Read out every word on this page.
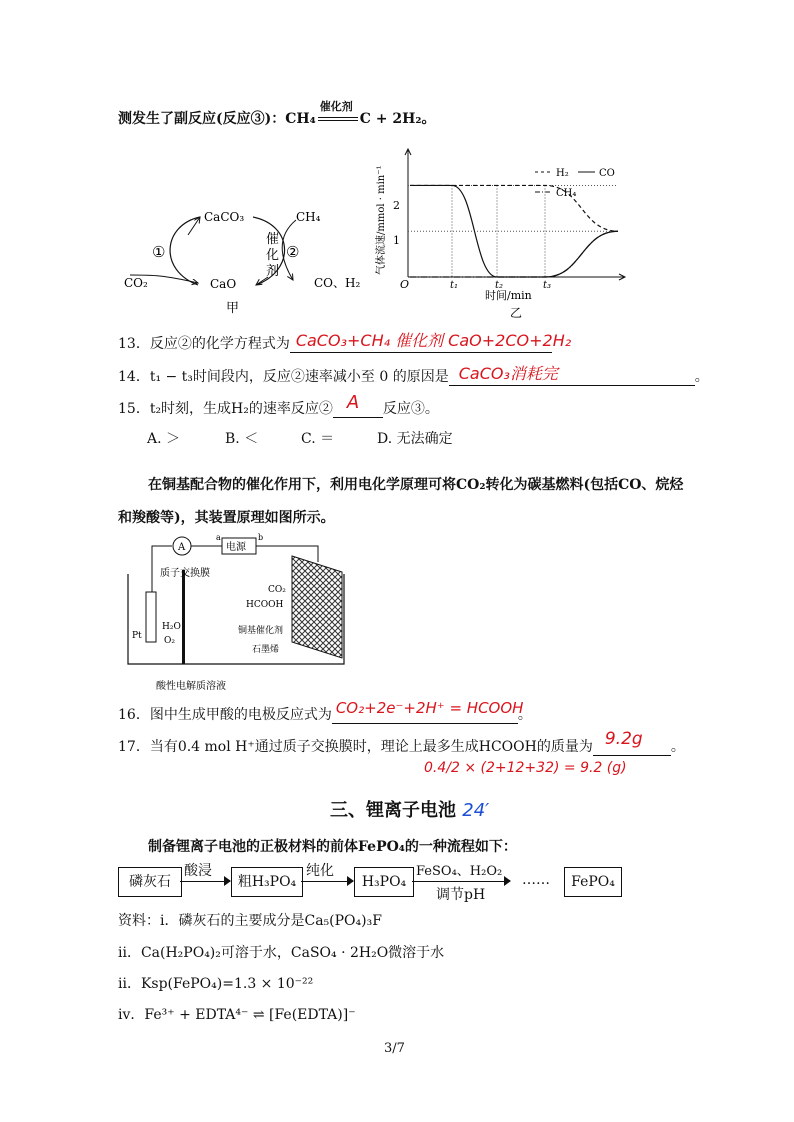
测发生了副反应(反应③)：CH₄
催化剂
C + 2H₂。
CaCO₃
CaO
CO₂
CH₄
CO、H₂
①	②
催
化
剂
甲
2
1
O	t₁	t₂	t₃
时间/min
乙
气体流速/mmol · min⁻¹	H₂	CO
CH₄
13．反应②的化学方程式为 CaCO₃+CH₄ 催化剂 CaO+2CO+2H₂
14．t₁ − t₃时间段内，反应②速率减小至 0 的原因是 CaCO₃消耗完	。
15．t₂时刻，生成H₂的速率反应② A 反应③。
A. ＞	B. ＜	C. ＝	D. 无法确定
在铜基配合物的催化作用下，利用电化学原理可将CO₂转化为碳基燃料(包括CO、烷烃
和羧酸等)，其装置原理如图所示。
A	电源
a	b
质子交换膜
Pt
H₂O
O₂
CO₂
HCOOH
铜基催化剂
石墨烯
酸性电解质溶液
16．图中生成甲酸的电极反应式为 CO₂+2e⁻+2H⁺ = HCOOH
。
17．当有0.4 mol H⁺通过质子交换膜时，理论上最多生成HCOOH的质量为 9.2g 。
0.4/2 × (2+12+32) = 9.2 (g)
三、锂离子电池 24′
制备锂离子电池的正极材料的前体FePO₄的一种流程如下：
磷灰石
酸浸
粗H₃PO₄
纯化
H₃PO₄
FeSO₄、H₂O₂
调节pH
……	FePO₄
资料：i．磷灰石的主要成分是Ca₅(PO₄)₃F
ii．Ca(H₂PO₄)₂可溶于水，CaSO₄ · 2H₂O微溶于水
ii．Ksp(FePO₄)=1.3 × 10⁻²²
iv．Fe³⁺ + EDTA⁴⁻ ⇌ [Fe(EDTA)]⁻
3/7
